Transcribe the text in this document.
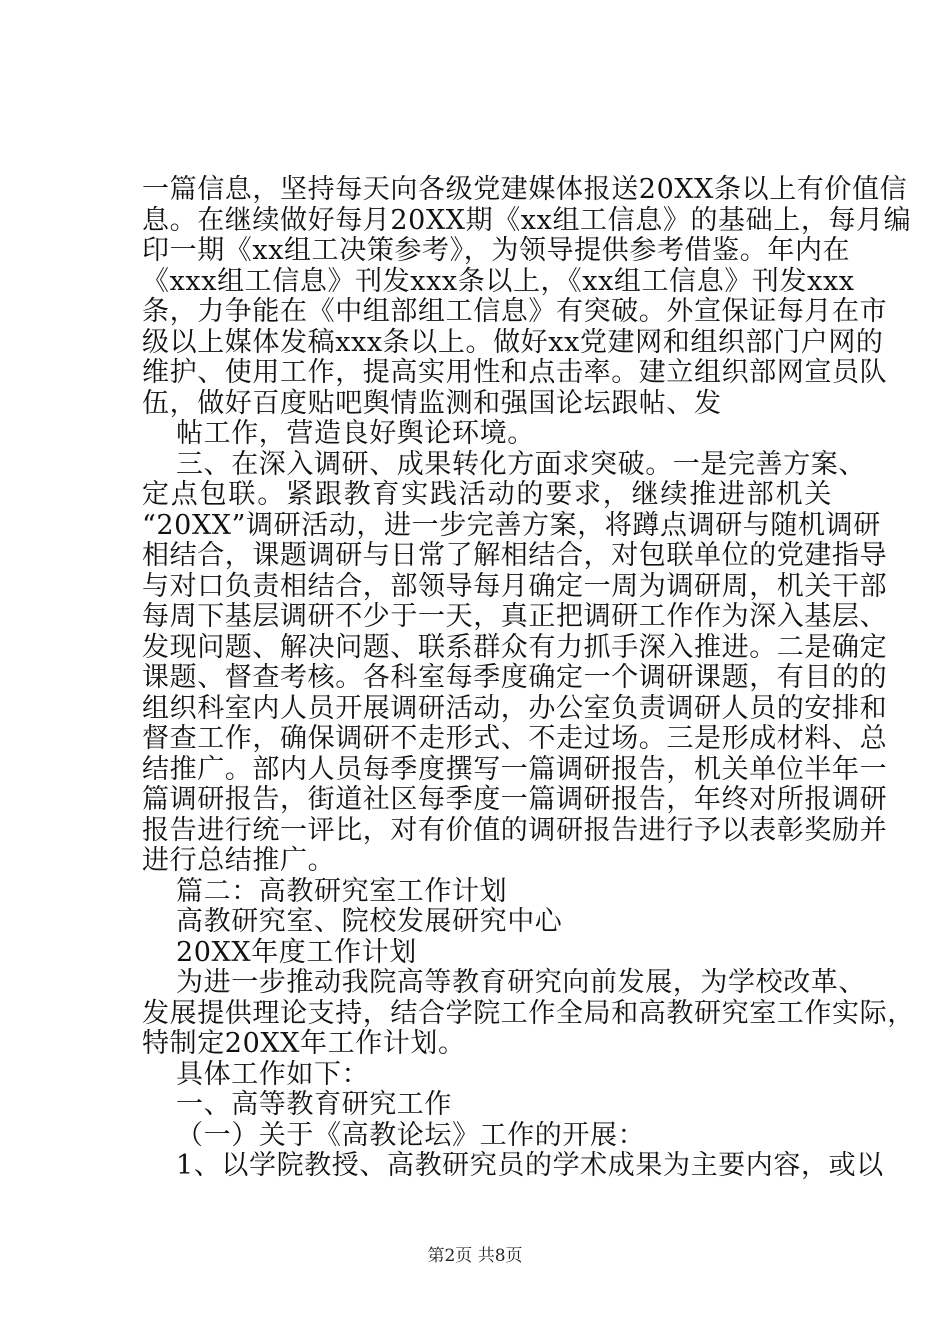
一篇信息，坚持每天向各级党建媒体报送20XX条以上有价值信
息。在继续做好每月20XX期《xx组工信息》的基础上，每月编
印一期《xx组工决策参考》，为领导提供参考借鉴。年内在
《xxx组工信息》刊发xxx条以上，《xx组工信息》刊发xxx
条，力争能在《中组部组工信息》有突破。外宣保证每月在市
级以上媒体发稿xxx条以上。做好xx党建网和组织部门户网的
维护、使用工作，提高实用性和点击率。建立组织部网宣员队
伍，做好百度贴吧舆情监测和强国论坛跟帖、发
帖工作，营造良好舆论环境。
三、在深入调研、成果转化方面求突破。一是完善方案、
定点包联。紧跟教育实践活动的要求，继续推进部机关
“20XX”调研活动，进一步完善方案，将蹲点调研与随机调研
相结合，课题调研与日常了解相结合，对包联单位的党建指导
与对口负责相结合，部领导每月确定一周为调研周，机关干部
每周下基层调研不少于一天，真正把调研工作作为深入基层、
发现问题、解决问题、联系群众有力抓手深入推进。二是确定
课题、督查考核。各科室每季度确定一个调研课题，有目的的
组织科室内人员开展调研活动，办公室负责调研人员的安排和
督查工作，确保调研不走形式、不走过场。三是形成材料、总
结推广。部内人员每季度撰写一篇调研报告，机关单位半年一
篇调研报告，街道社区每季度一篇调研报告，年终对所报调研
报告进行统一评比，对有价值的调研报告进行予以表彰奖励并
进行总结推广。
篇二：高教研究室工作计划
高教研究室、院校发展研究中心
20XX年度工作计划
为进一步推动我院高等教育研究向前发展，为学校改革、
发展提供理论支持，结合学院工作全局和高教研究室工作实际，
特制定20XX年工作计划。
具体工作如下：
一、高等教育研究工作
（一）关于《高教论坛》工作的开展：
1、以学院教授、高教研究员的学术成果为主要内容，或以
第2页 共8页
